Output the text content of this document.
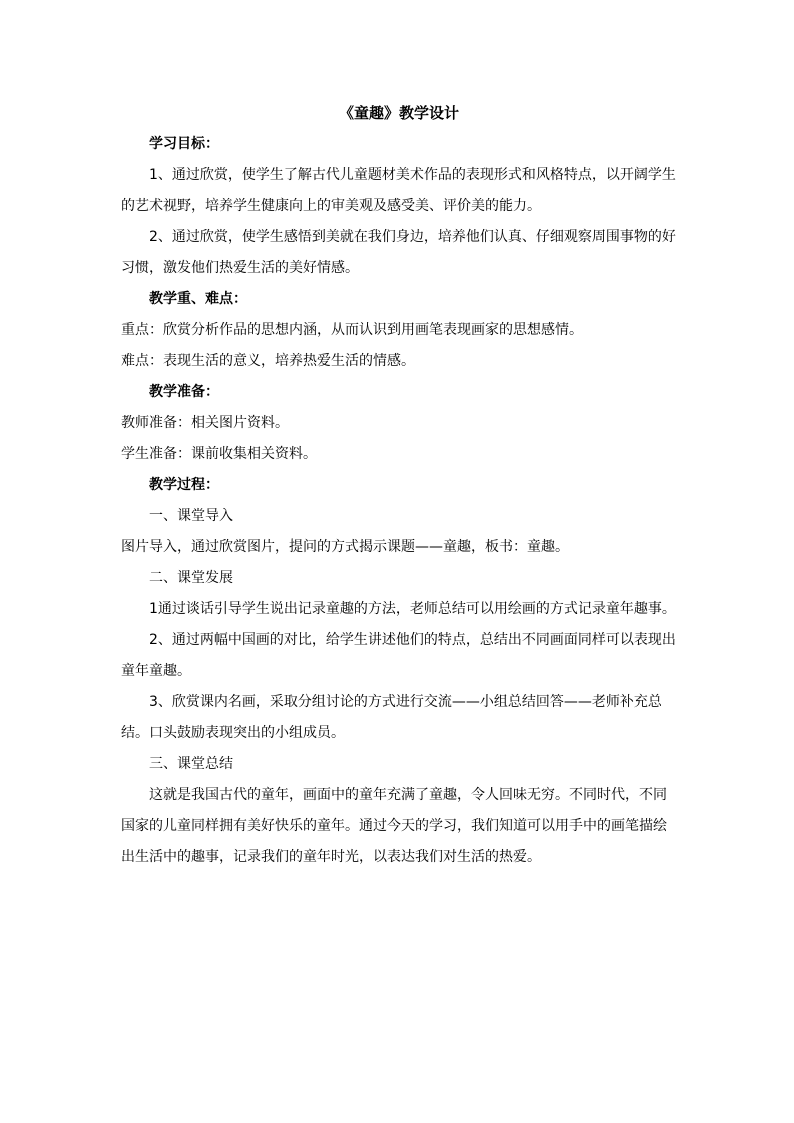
《童趣》教学设计

学习目标：

1、通过欣赏，使学生了解古代儿童题材美术作品的表现形式和风格特点，以开阔学生的艺术视野，培养学生健康向上的审美观及感受美、评价美的能力。

2、通过欣赏，使学生感悟到美就在我们身边，培养他们认真、仔细观察周围事物的好习惯，激发他们热爱生活的美好情感。

教学重、难点：

重点：欣赏分析作品的思想内涵，从而认识到用画笔表现画家的思想感情。

难点：表现生活的意义，培养热爱生活的情感。

教学准备：

教师准备：相关图片资料。

学生准备：课前收集相关资料。

教学过程：

一、课堂导入

图片导入，通过欣赏图片，提问的方式揭示课题——童趣，板书：童趣。

二、课堂发展

1通过谈话引导学生说出记录童趣的方法，老师总结可以用绘画的方式记录童年趣事。

2、通过两幅中国画的对比，给学生讲述他们的特点，总结出不同画面同样可以表现出童年童趣。

3、欣赏课内名画，采取分组讨论的方式进行交流——小组总结回答——老师补充总结。口头鼓励表现突出的小组成员。

三、课堂总结

这就是我国古代的童年，画面中的童年充满了童趣，令人回味无穷。不同时代，不同国家的儿童同样拥有美好快乐的童年。通过今天的学习，我们知道可以用手中的画笔描绘出生活中的趣事，记录我们的童年时光，以表达我们对生活的热爱。
